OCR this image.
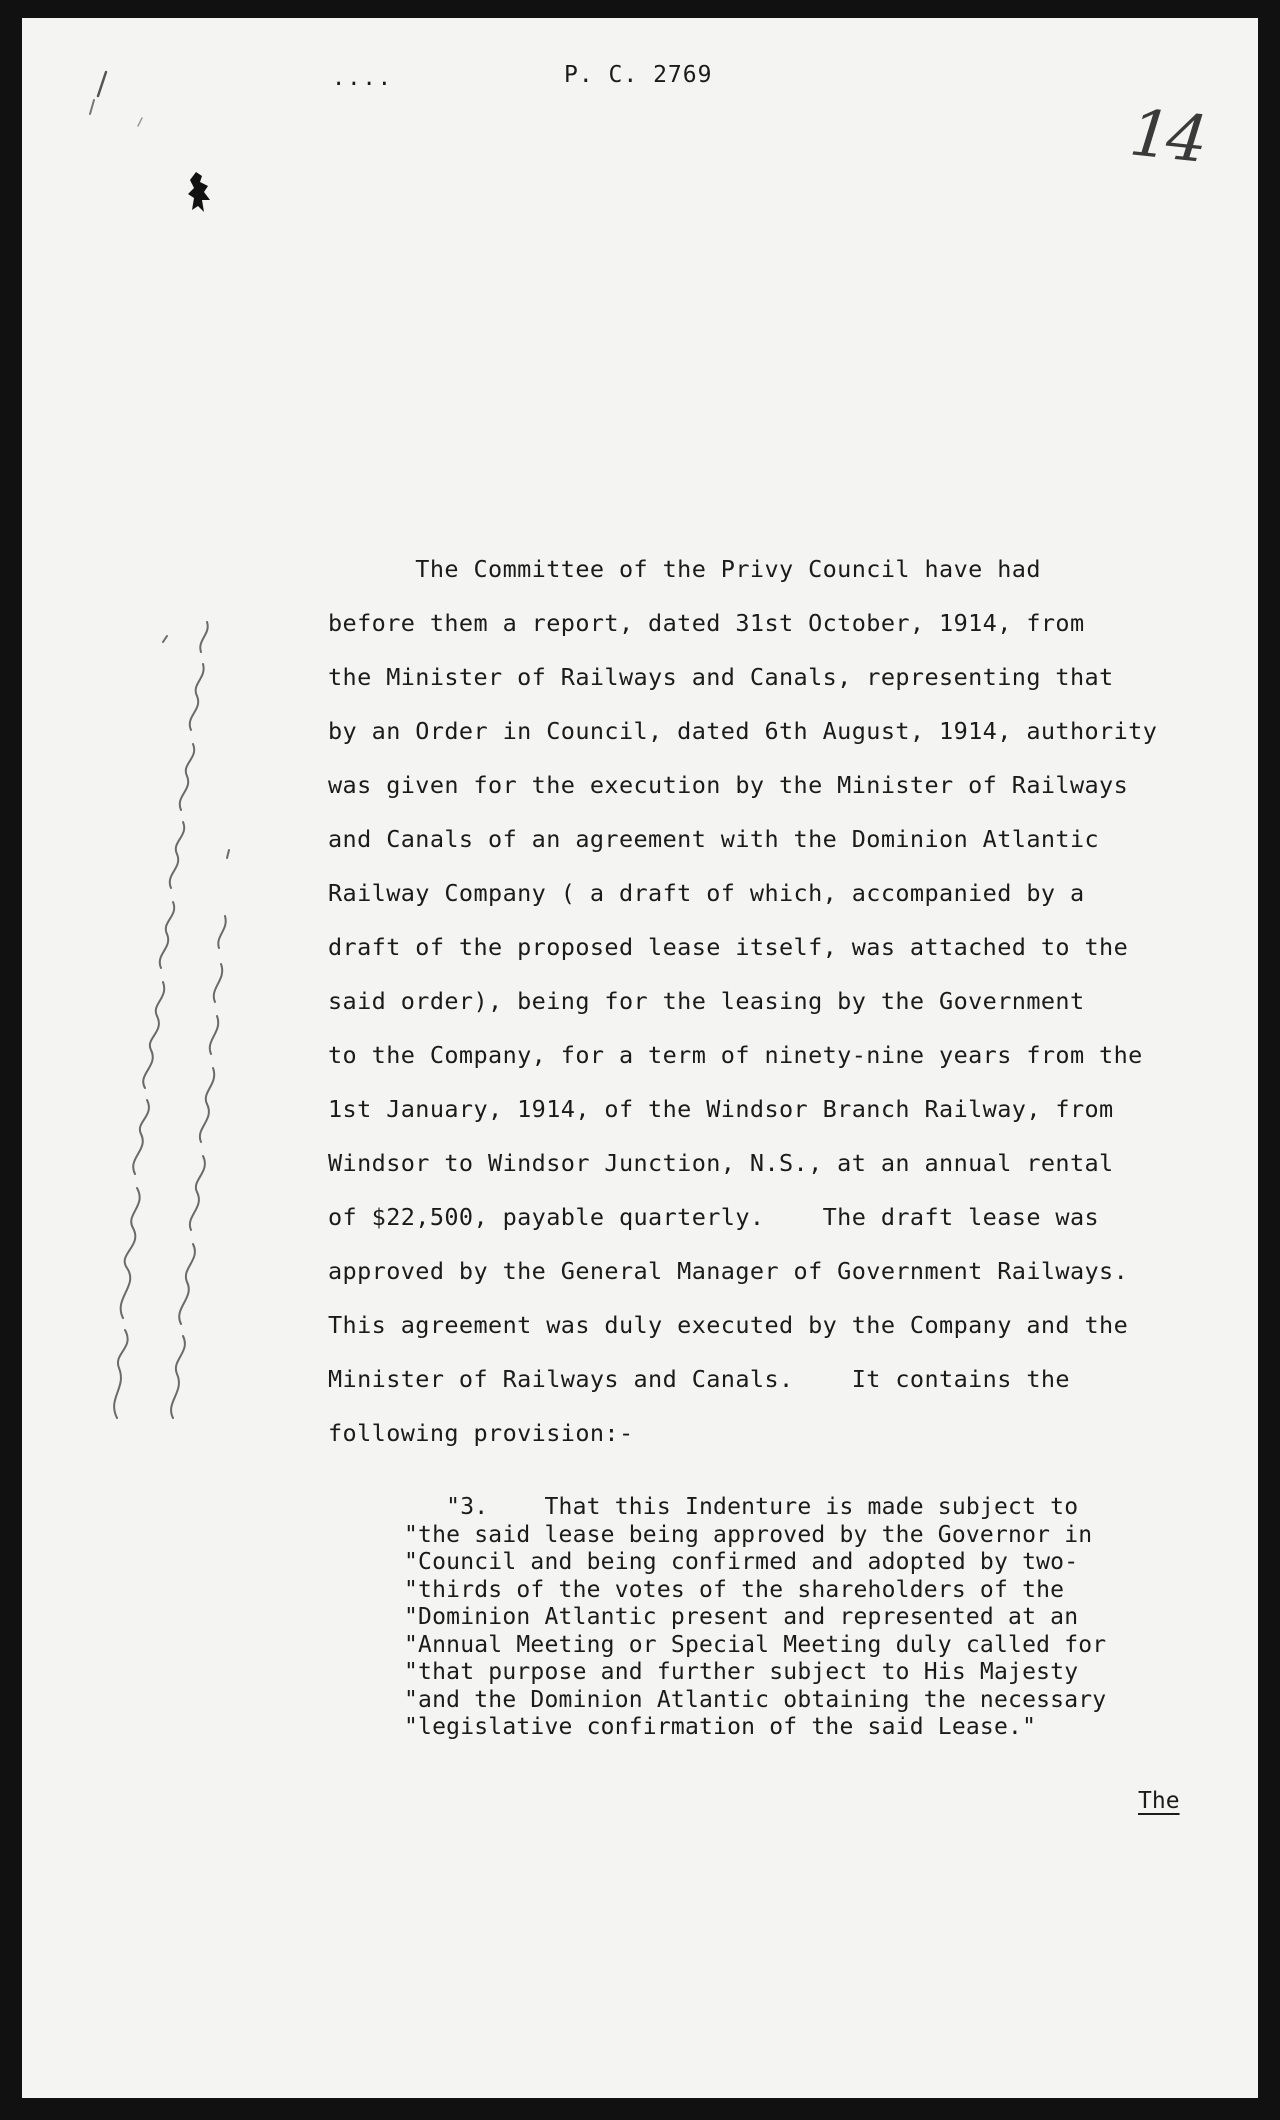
....	P. C. 2769
14
The Committee of the Privy Council have had
before them a report, dated 31st October, 1914, from
the Minister of Railways and Canals, representing that
by an Order in Council, dated 6th August, 1914, authority
was given for the execution by the Minister of Railways
and Canals of an agreement with the Dominion Atlantic
Railway Company ( a draft of which, accompanied by a
draft of the proposed lease itself, was attached to the
said order), being for the leasing by the Government
to the Company, for a term of ninety-nine years from the
1st January, 1914, of the Windsor Branch Railway, from
Windsor to Windsor Junction, N.S., at an annual rental
of $22,500, payable quarterly.    The draft lease was
approved by the General Manager of Government Railways.
This agreement was duly executed by the Company and the
Minister of Railways and Canals.    It contains the
following provision:-
"3.    That this Indenture is made subject to
"the said lease being approved by the Governor in
"Council and being confirmed and adopted by two-
"thirds of the votes of the shareholders of the
"Dominion Atlantic present and represented at an
"Annual Meeting or Special Meeting duly called for
"that purpose and further subject to His Majesty
"and the Dominion Atlantic obtaining the necessary
"legislative confirmation of the said Lease."
The
